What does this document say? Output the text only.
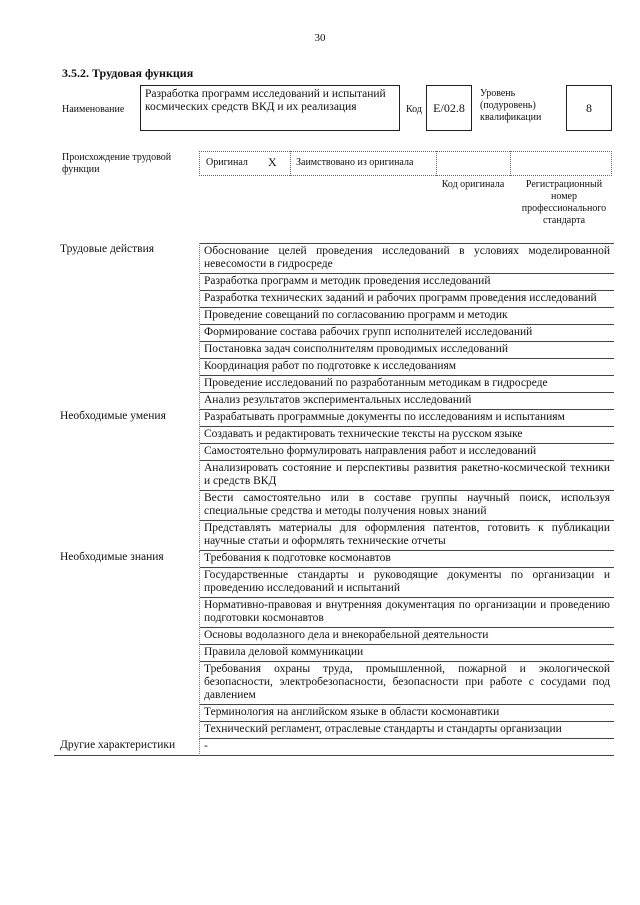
30
3.5.2. Трудовая функция
Наименование
Разработка программ исследований и испытаний космических средств ВКД и их реализация	Код E/02.8
Уровень (подуровень) квалификации
8
Происхождение трудовой функции
Оригинал X Заимствовано из оригинала
Код оригинала	Регистрационный номер профессионального стандарта
Трудовые действия	Обоснование целей проведения исследований в условиях моделированной невесомости в гидросреде
Разработка программ и методик проведения исследований
Разработка технических заданий и рабочих программ проведения исследований
Проведение совещаний по согласованию программ и методик
Формирование состава рабочих групп исполнителей исследований
Постановка задач соисполнителям проводимых исследований
Координация работ по подготовке к исследованиям
Проведение исследований по разработанным методикам в гидросреде
Анализ результатов экспериментальных исследований
Необходимые умения	Разрабатывать программные документы по исследованиям и испытаниям
Создавать и редактировать технические тексты на русском языке
Самостоятельно формулировать направления работ и исследований
Анализировать состояние и перспективы развития ракетно-космической техники и средств ВКД
Вести самостоятельно или в составе группы научный поиск, используя специальные средства и методы получения новых знаний
Представлять материалы для оформления патентов, готовить к публикации научные статьи и оформлять технические отчеты
Необходимые знания	Требования к подготовке космонавтов
Государственные стандарты и руководящие документы по организации и проведению исследований и испытаний
Нормативно-правовая и внутренняя документация по организации и проведению подготовки космонавтов
Основы водолазного дела и внекорабельной деятельности
Правила деловой коммуникации
Требования охраны труда, промышленной, пожарной и экологической безопасности, электробезопасности, безопасности при работе с сосудами под давлением
Терминология на английском языке в области космонавтики
Технический регламент, отраслевые стандарты и стандарты организации
Другие характеристики	-
